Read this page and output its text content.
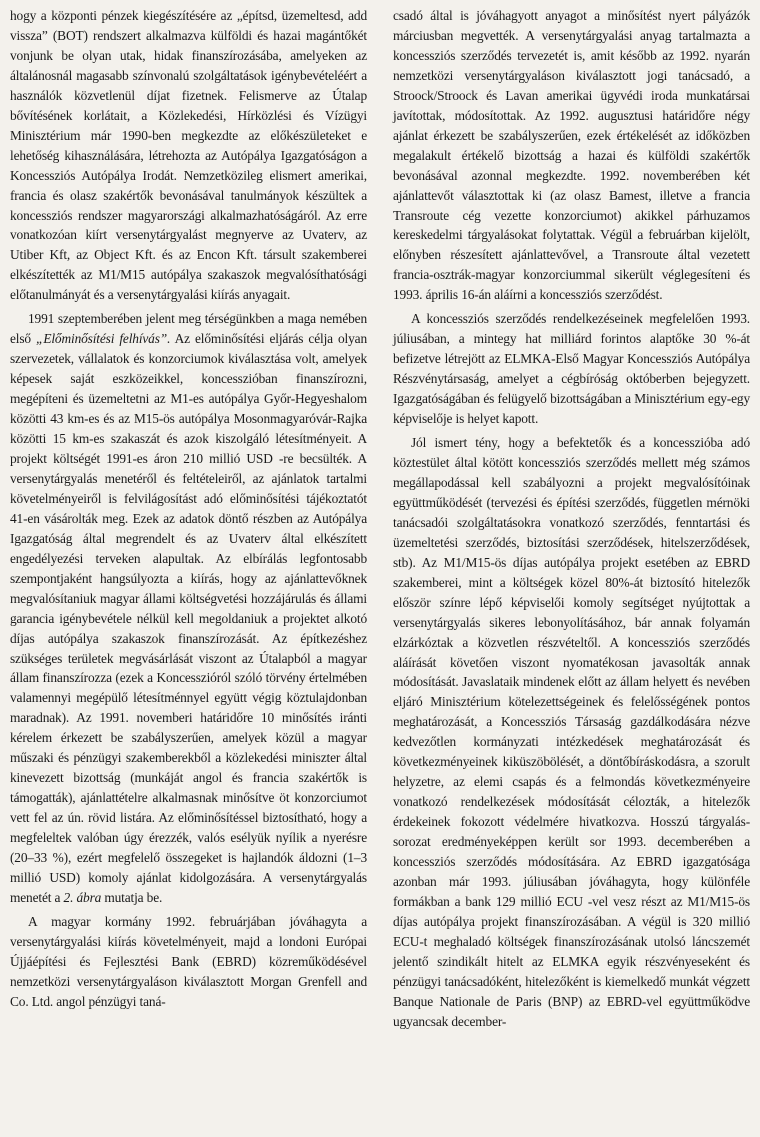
hogy a központi pénzek kiegészítésére az „építsd, üzemeltesd, add vissza” (BOT) rendszert alkalmazva külföldi és hazai magántőkét vonjunk be olyan utak, hidak finanszírozásába, amelyeken az általánosnál magasabb színvonalú szolgáltatások igénybevételéért a használók közvetlenül díjat fizetnek. Felismerve az Útalap bővítésének korlátait, a Közlekedési, Hírközlési és Vízügyi Minisztérium már 1990-ben megkezdte az előkészületeket e lehetőség kihasználására, létrehozta az Autópálya Igazgatóságon a Koncessziós Autópálya Irodát. Nemzetközileg elismert amerikai, francia és olasz szakértők bevonásával tanulmányok készültek a koncessziós rendszer magyarországi alkalmazhatóságáról. Az erre vonatkozóan kiírt versenytárgyalást megnyerve az Uvaterv, az Utiber Kft, az Object Kft. és az Encon Kft. társult szakemberei elkészítették az M1/M15 autópálya szakaszok megvalósíthatósági előtanulmányát és a versenytárgyalási kiírás anyagait.

1991 szeptemberében jelent meg térségünkben a maga nemében első „Előminősítési felhívás”. Az előminősítési eljárás célja olyan szervezetek, vállalatok és konzorciumok kiválasztása volt, amelyek képesek saját eszközeikkel, koncesszióban finanszírozni, megépíteni és üzemeltetni az M1-es autópálya Győr-Hegyeshalom közötti 43 km-es és az M15-ös autópálya Mosonmagyaróvár-Rajka közötti 15 km-es szakaszát és azok kiszolgáló létesítményeit. A projekt költségét 1991-es áron 210 millió USD -re becsülték. A versenytárgyalás menetéről és feltételeiről, az ajánlatok tartalmi követelményeiről is felvilágosítást adó előminősítési tájékoztatót 41-en vásárolták meg. Ezek az adatok döntő részben az Autópálya Igazgatóság által megrendelt és az Uvaterv által elkészített engedélyezési terveken alapultak. Az elbírálás legfontosabb szempontjaként hangsúlyozta a kiírás, hogy az ajánlattevőknek megvalósítaniuk magyar állami költségvetési hozzájárulás és állami garancia igénybevétele nélkül kell megoldaniuk a projektet alkotó díjas autópálya szakaszok finanszírozását. Az építkezéshez szükséges területek megvásárlását viszont az Útalapból a magyar állam finanszírozza (ezek a Koncesszióról szóló törvény értelmében valamennyi megépülő létesítménnyel együtt végig köztulajdonban maradnak). Az 1991. novemberi határidőre 10 minősítés iránti kérelem érkezett be szabályszerűen, amelyek közül a magyar műszaki és pénzügyi szakemberekből a közlekedési miniszter által kinevezett bizottság (munkáját angol és francia szakértők is támogatták), ajánlattételre alkalmasnak minősítve öt konzorciumot vett fel az ún. rövid listára. Az előminősítéssel biztosítható, hogy a megfeleltek valóban úgy érezzék, valós esélyük nyílik a nyerésre (20–33 %), ezért megfelelő összegeket is hajlandók áldozni (1–3 millió USD) komoly ajánlat kidolgozására. A versenytárgyalás menetét a 2. ábra mutatja be.

A magyar kormány 1992. februárjában jóváhagyta a versenytárgyalási kiírás követelményeit, majd a londoni Európai Újjáépítési és Fejlesztési Bank (EBRD) közreműködésével nemzetközi versenytárgyaláson kiválasztott Morgan Grenfell and Co. Ltd. angol pénzügyi taná-

csadó által is jóváhagyott anyagot a minősítést nyert pályázók márciusban megvették. A versenytárgyalási anyag tartalmazta a koncessziós szerződés tervezetét is, amit később az 1992. nyarán nemzetközi versenytárgyaláson kiválasztott jogi tanácsadó, a Stroock/Stroock és Lavan amerikai ügyvédi iroda munkatársai javítottak, módosítottak. Az 1992. augusztusi határidőre négy ajánlat érkezett be szabályszerűen, ezek értékelését az időközben megalakult értékelő bizottság a hazai és külföldi szakértők bevonásával azonnal megkezdte. 1992. novemberében két ajánlattevőt választottak ki (az olasz Bamest, illetve a francia Transroute cég vezette konzorciumot) akikkel párhuzamos kereskedelmi tárgyalásokat folytattak. Végül a februárban kijelölt, előnyben részesített ajánlattevővel, a Transroute által vezetett francia-osztrák-magyar konzorciummal sikerült véglegesíteni és 1993. április 16-án aláírni a koncessziós szerződést.

A koncessziós szerződés rendelkezéseinek megfelelően 1993. júliusában, a mintegy hat milliárd forintos alaptőke 30 %-át befizetve létrejött az ELMKA-Első Magyar Koncessziós Autópálya Részvénytársaság, amelyet a cégbíróság októberben bejegyzett. Igazgatóságában és felügyelő bizottságában a Minisztérium egy-egy képviselője is helyet kapott.

Jól ismert tény, hogy a befektetők és a koncesszióba adó köztestület által kötött koncessziós szerződés mellett még számos megállapodással kell szabályozni a projekt megvalósítóinak együttműködését (tervezési és építési szerződés, független mérnöki tanácsadói szolgáltatásokra vonatkozó szerződés, fenntartási és üzemeltetési szerződés, biztosítási szerződések, hitelszerződések, stb). Az M1/M15-ös díjas autópálya projekt esetében az EBRD szakemberei, mint a költségek közel 80%-át biztosító hitelezők először színre lépő képviselői komoly segítséget nyújtottak a versenytárgyalás sikeres lebonyolításához, bár annak folyamán elzárkóztak a közvetlen részvételtől. A koncessziós szerződés aláírását követően viszont nyomatékosan javasolták annak módosítását. Javaslataik mindenek előtt az állam helyett és nevében eljáró Minisztérium kötelezettségeinek és felelősségének pontos meghatározását, a Koncessziós Társaság gazdálkodására nézve kedvezőtlen kormányzati intézkedések meghatározását és következményeinek kiküszöbölését, a döntőbíráskodásra, a szorult helyzetre, az elemi csapás és a felmondás következményeire vonatkozó rendelkezések módosítását célozták, a hitelezők érdekeinek fokozott védelmére hivatkozva. Hosszú tárgyalás-sorozat eredményeképpen került sor 1993. decemberében a koncessziós szerződés módosítására. Az EBRD igazgatósága azonban már 1993. júliusában jóváhagyta, hogy különféle formákban a bank 129 millió ECU -vel vesz részt az M1/M15-ös díjas autópálya projekt finanszírozásában. A végül is 320 millió ECU-t meghaladó költségek finanszírozásának utolsó láncszemét jelentő szindikált hitelt az ELMKA egyik részvényeseként és pénzügyi tanácsadóként, hitelezőként is kiemelkedő munkát végzett Banque Nationale de Paris (BNP) az EBRD-vel együttműködve ugyancsak december-
